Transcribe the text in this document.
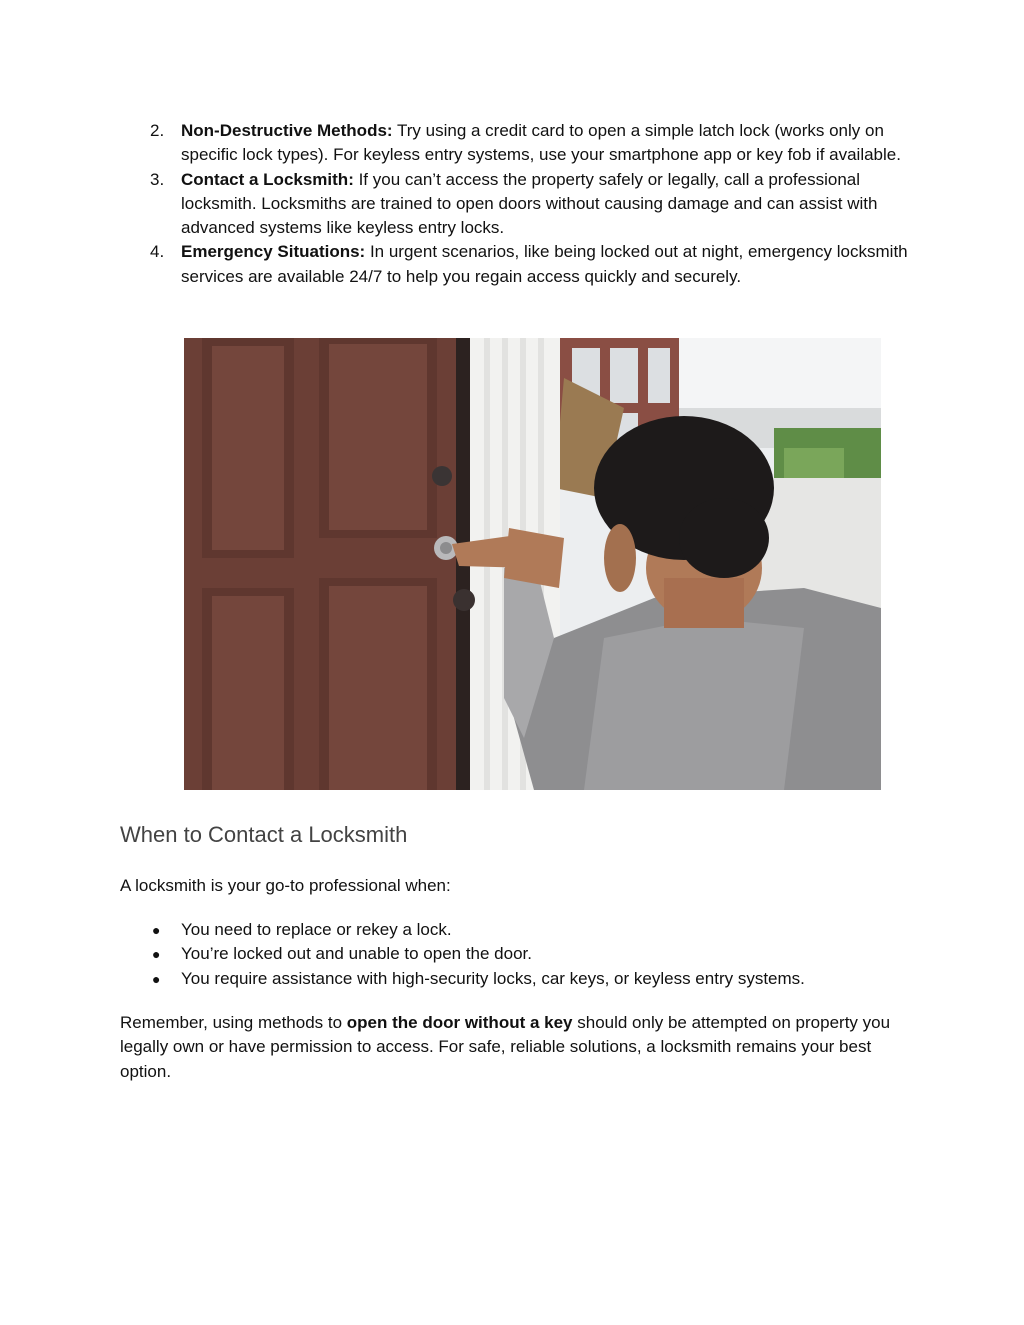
2. Non-Destructive Methods: Try using a credit card to open a simple latch lock (works only on specific lock types). For keyless entry systems, use your smartphone app or key fob if available.
3. Contact a Locksmith: If you can’t access the property safely or legally, call a professional locksmith. Locksmiths are trained to open doors without causing damage and can assist with advanced systems like keyless entry locks.
4. Emergency Situations: In urgent scenarios, like being locked out at night, emergency locksmith services are available 24/7 to help you regain access quickly and securely.
When to Contact a Locksmith

A locksmith is your go-to professional when:

● You need to replace or rekey a lock.
● You’re locked out and unable to open the door.
● You require assistance with high-security locks, car keys, or keyless entry systems.

Remember, using methods to open the door without a key should only be attempted on property you legally own or have permission to access. For safe, reliable solutions, a locksmith remains your best option.
